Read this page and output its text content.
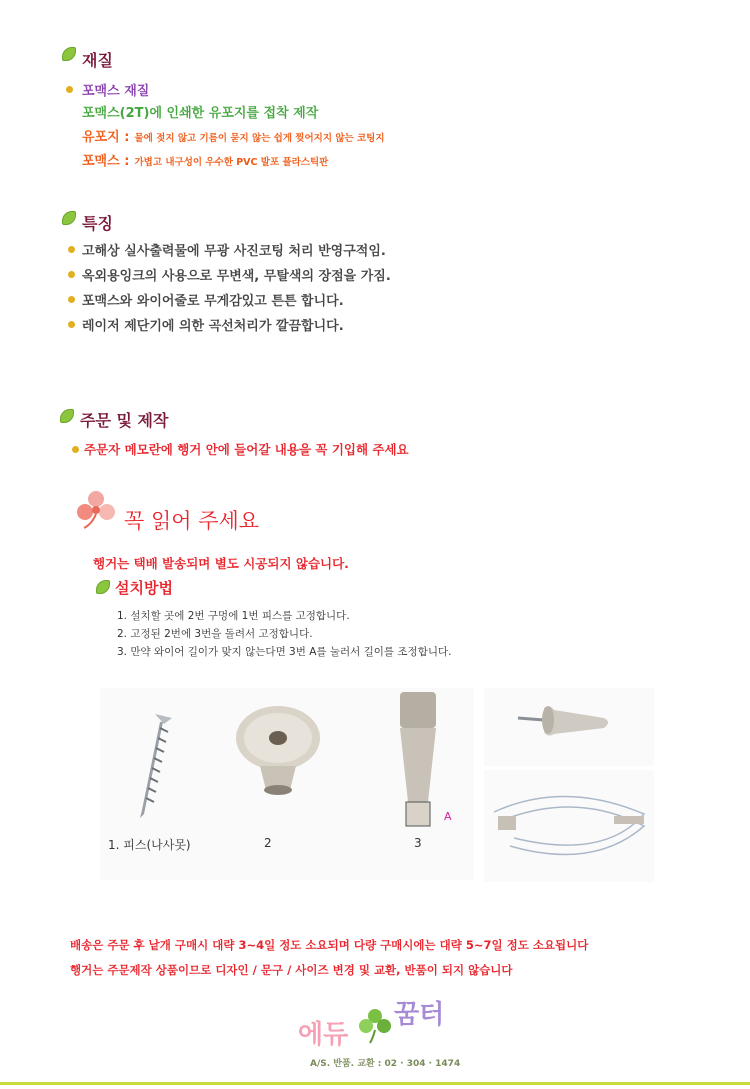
재질
포맥스 재질
포맥스(2T)에 인쇄한 유포지를 접착 제작
유포지 : 물에 젖지 않고 기름이 묻지 않는 쉽게 찢어지지 않는 코팅지
포맥스 : 가볍고 내구성이 우수한 PVC 발포 플라스틱판
특징
고해상 실사출력물에 무광 사진코팅 처리 반영구적임.
옥외용잉크의 사용으로 무변색, 무탈색의 장점을 가짐.
포맥스와 와이어줄로 무게감있고 튼튼 합니다.
레이저 제단기에 의한 곡선처리가 깔끔합니다.
주문 및 제작
주문자 메모란에 행거 안에 들어갈 내용을 꼭 기입해 주세요
꼭 읽어 주세요
행거는 택배 발송되며 별도 시공되지 않습니다.
설치방법
1. 설치할 곳에 2번 구멍에 1번 피스를 고정합니다.
2. 고정된 2번에 3번을 돌려서 고정합니다.
3. 만약 와이어 길이가 맞지 않는다면 3번 A를 눌러서 길이를 조정합니다.
1. 피스(나사못)	2	3
A
배송은 주문 후 낱개 구매시 대략 3~4일 정도 소요되며 다량 구매시에는 대략 5~7일 정도 소요됩니다
행거는 주문제작 상품이므로 디자인 / 문구 / 사이즈 변경 및 교환, 반품이 되지 않습니다
에듀
꿈터
A/S. 반품. 교환 : 02 · 304 · 1474
